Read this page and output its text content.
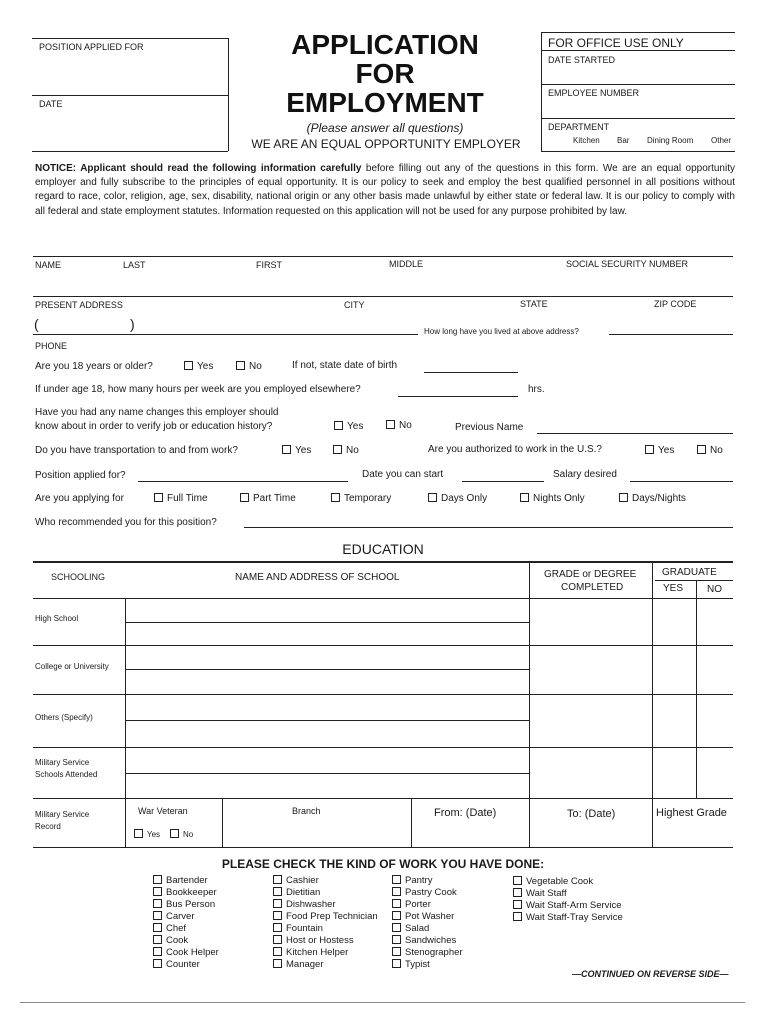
POSITION APPLIED FOR
DATE
APPLICATION
FOR
EMPLOYMENT
(Please answer all questions)
WE ARE AN EQUAL OPPORTUNITY EMPLOYER
FOR OFFICE USE ONLY
DATE STARTED
EMPLOYEE NUMBER
DEPARTMENT
Kitchen Bar Dining Room Other
NOTICE: Applicant should read the following information carefully before filling out any of the questions in this form. We are an equal opportunity employer and fully subscribe to the principles of equal opportunity. It is our policy to seek and employ the best qualified personnel in all positions without regard to race, color, religion, age, sex, disability, national origin or any other basis made unlawful by either state or federal law. It is our policy to comply with all federal and state employment statutes. Information requested on this application will not be used for any purpose prohibited by law.
NAME	LAST	FIRST	MIDDLE	SOCIAL SECURITY NUMBER
PRESENT ADDRESS	CITY	STATE	ZIP CODE
(	)	How long have you lived at above address?
PHONE
Are you 18 years or older?	Yes	No	If not, state date of birth
If under age 18, how many hours per week are you employed elsewhere?	hrs.
Have you had any name changes this employer should
know about in order to verify job or education history?	Yes	No	Previous Name
Do you have transportation to and from work?	Yes	No	Are you authorized to work in the U.S.?	Yes	No
Position applied for?	Date you can start	Salary desired
Are you applying for	Full Time	Part Time	Temporary	Days Only	Nights Only	Days/Nights
Who recommended you for this position?
EDUCATION
SCHOOLING	NAME AND ADDRESS OF SCHOOL	GRADE or DEGREE
COMPLETED
GRADUATE
YES NO
High School
College or University
Others (Specify)
Military Service
Schools Attended
Military Service
Record
War Veteran
Yes	No
Branch	From: (Date)	To: (Date)	Highest Grade
PLEASE CHECK THE KIND OF WORK YOU HAVE DONE:
Bartender
Bookkeeper
Bus Person
Carver
Chef
Cook
Cook Helper
Counter
Cashier
Dietitian
Dishwasher
Food Prep Technician
Fountain
Host or Hostess
Kitchen Helper
Manager
Pantry
Pastry Cook
Porter
Pot Washer
Salad
Sandwiches
Stenographer
Typist
Vegetable Cook
Wait Staff
Wait Staff-Arm Service
Wait Staff-Tray Service
—CONTINUED ON REVERSE SIDE—
